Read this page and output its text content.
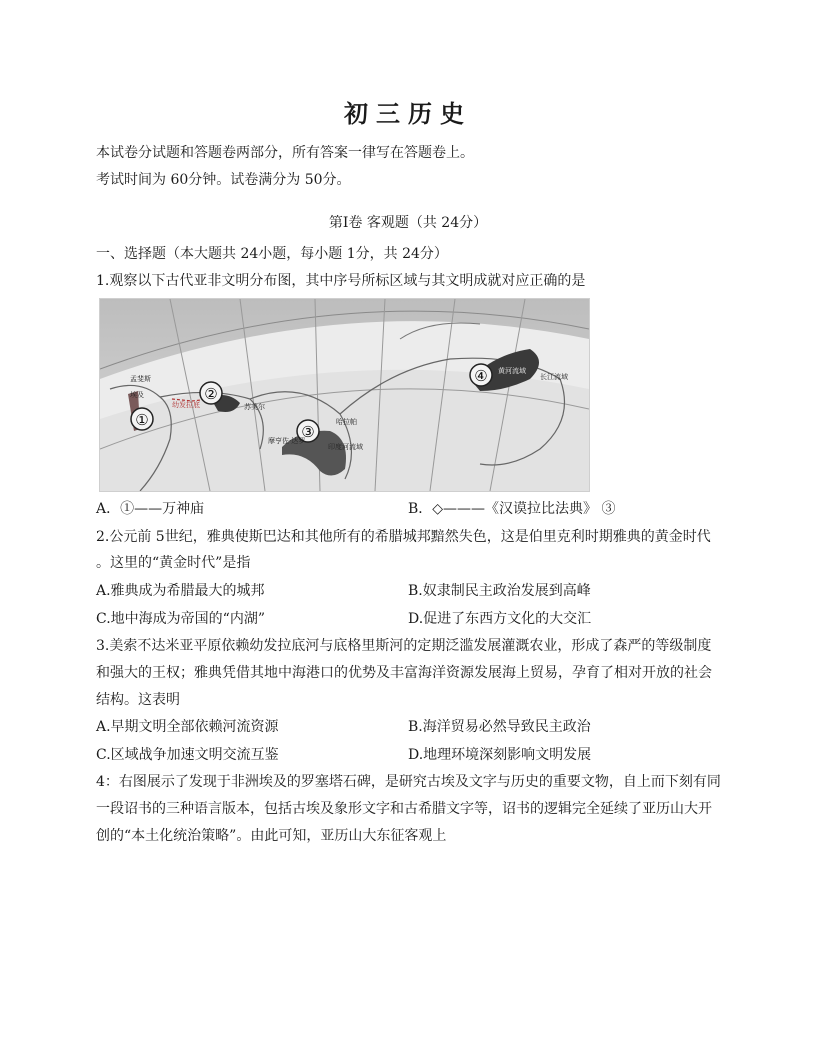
初三历史
本试卷分试题和答题卷两部分，所有答案一律写在答题卷上。
考试时间为 60分钟。试卷满分为 50分。
第Ⅰ卷 客观题（共 24分）
一、选择题（本大题共 24小题，每小题 1分，共 24分）
1.观察以下古代亚非文明分布图，其中序号所标区域与其文明成就对应正确的是
①
②
③
④
孟斐斯
埃及
幼发拉底	苏美尔
摩亨佐·达罗
哈拉帕
印度河流域
黄河流域
长江流域
A．①——万神庙	B．◇———《汉谟拉比法典》 ③
2.公元前 5世纪，雅典使斯巴达和其他所有的希腊城邦黯然失色，这是伯里克利时期雅典的黄金时代
。这里的“黄金时代”是指
A.雅典成为希腊最大的城邦	B.奴隶制民主政治发展到高峰
C.地中海成为帝国的“内湖”	D.促进了东西方文化的大交汇
3.美索不达米亚平原依赖幼发拉底河与底格里斯河的定期泛滥发展灌溉农业，形成了森严的等级制度
和强大的王权；雅典凭借其地中海港口的优势及丰富海洋资源发展海上贸易，孕育了相对开放的社会
结构。这表明
A.早期文明全部依赖河流资源	B.海洋贸易必然导致民主政治
C.区域战争加速文明交流互鉴	D.地理环境深刻影响文明发展
4：右图展示了发现于非洲埃及的罗塞塔石碑，是研究古埃及文字与历史的重要文物，自上而下刻有同
一段诏书的三种语言版本，包括古埃及象形文字和古希腊文字等，诏书的逻辑完全延续了亚历山大开
创的“本土化统治策略”。由此可知，亚历山大东征客观上
